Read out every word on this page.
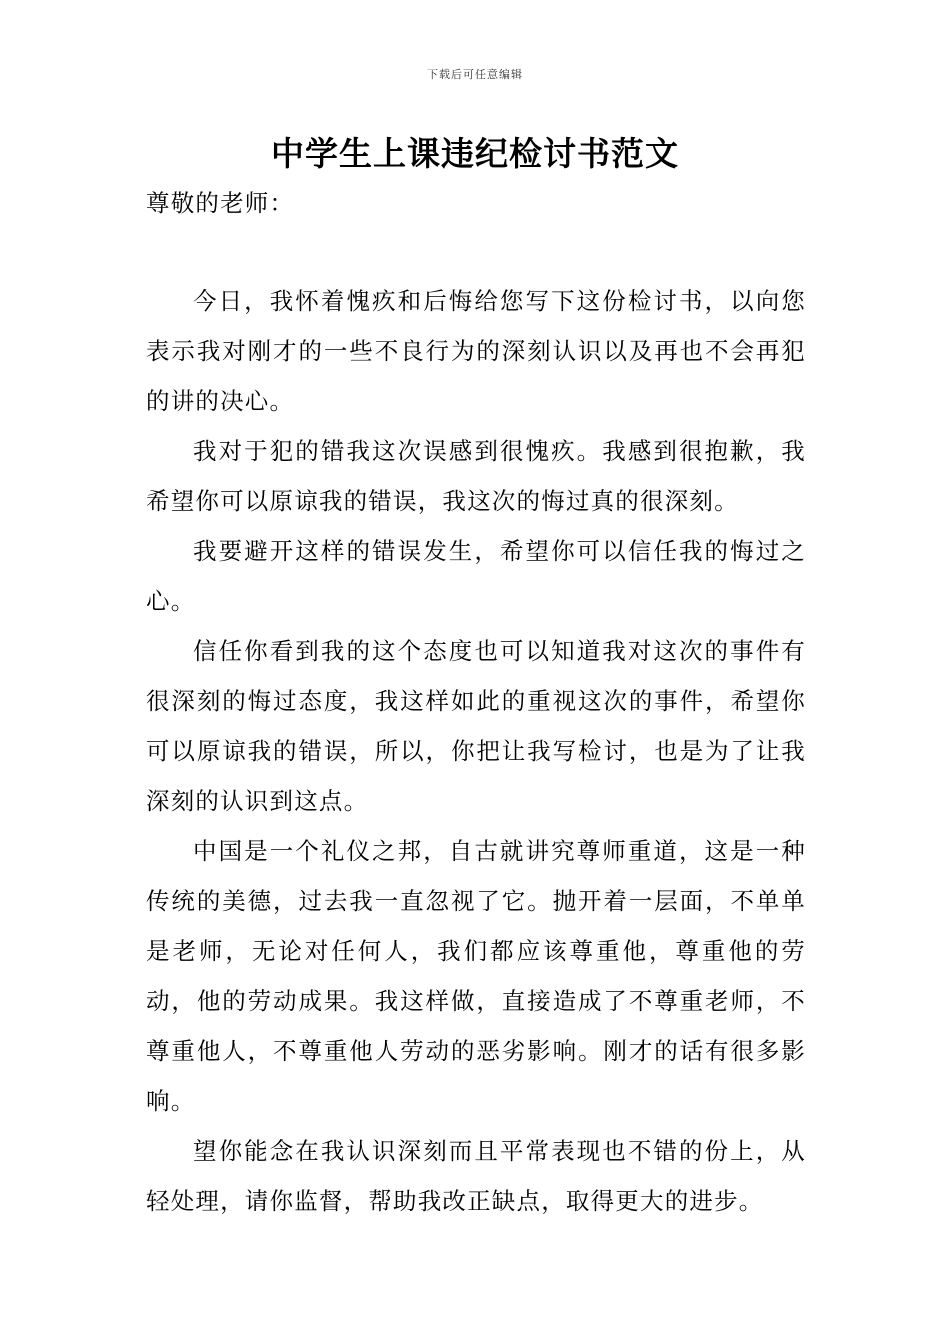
下载后可任意编辑
中学生上课违纪检讨书范文
尊敬的老师：

今日，我怀着愧疚和后悔给您写下这份检讨书，以向您表示我对刚才的一些不良行为的深刻认识以及再也不会再犯的讲的决心。

我对于犯的错我这次误感到很愧疚。我感到很抱歉，我希望你可以原谅我的错误，我这次的悔过真的很深刻。

我要避开这样的错误发生，希望你可以信任我的悔过之心。

信任你看到我的这个态度也可以知道我对这次的事件有很深刻的悔过态度，我这样如此的重视这次的事件，希望你可以原谅我的错误，所以，你把让我写检讨，也是为了让我深刻的认识到这点。

中国是一个礼仪之邦，自古就讲究尊师重道，这是一种传统的美德，过去我一直忽视了它。抛开着一层面，不单单是老师，无论对任何人，我们都应该尊重他，尊重他的劳动，他的劳动成果。我这样做，直接造成了不尊重老师，不尊重他人，不尊重他人劳动的恶劣影响。刚才的话有很多影响。

望你能念在我认识深刻而且平常表现也不错的份上，从轻处理，请你监督，帮助我改正缺点，取得更大的进步。
